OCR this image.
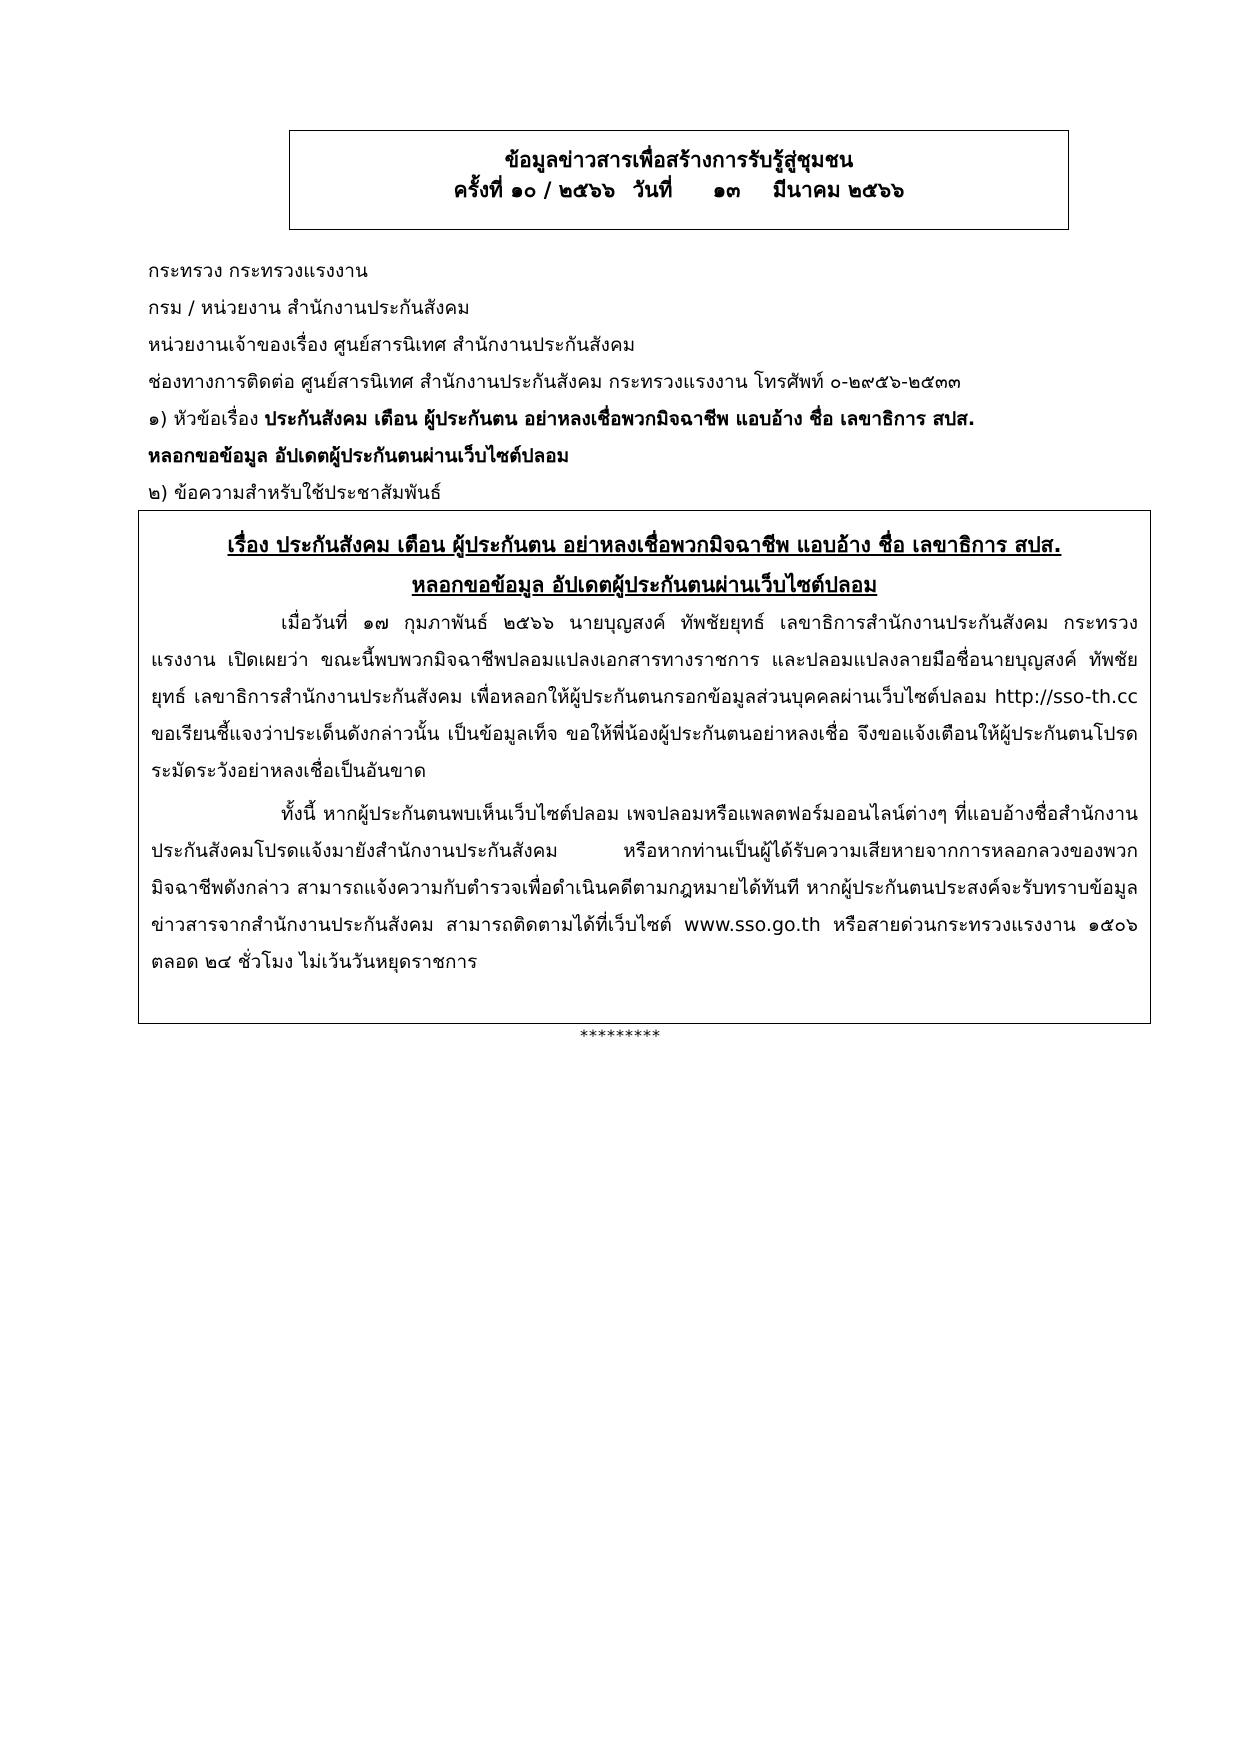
ข้อมูลข่าวสารเพื่อสร้างการรับรู้สู่ชุมชน
ครั้งที่ ๑๐ / ๒๕๖๖ วันที่ ๑๓ มีนาคม ๒๕๖๖
กระทรวง กระทรวงแรงงาน
กรม / หน่วยงาน สำนักงานประกันสังคม
หน่วยงานเจ้าของเรื่อง ศูนย์สารนิเทศ สำนักงานประกันสังคม
ช่องทางการติดต่อ ศูนย์สารนิเทศ สำนักงานประกันสังคม กระทรวงแรงงาน โทรศัพท์ ๐-๒๙๕๖-๒๕๓๓
๑) หัวข้อเรื่อง ประกันสังคม เตือน ผู้ประกันตน อย่าหลงเชื่อพวกมิจฉาชีพ แอบอ้าง ชื่อ เลขาธิการ สปส.
หลอกขอข้อมูล อัปเดตผู้ประกันตนผ่านเว็บไซต์ปลอม
๒) ข้อความสำหรับใช้ประชาสัมพันธ์
เรื่อง ประกันสังคม เตือน ผู้ประกันตน อย่าหลงเชื่อพวกมิจฉาชีพ แอบอ้าง ชื่อ เลขาธิการ สปส.
หลอกขอข้อมูล อัปเดตผู้ประกันตนผ่านเว็บไซต์ปลอม

เมื่อวันที่ ๑๗ กุมภาพันธ์ ๒๕๖๖ นายบุญสงค์ ทัพชัยยุทธ์ เลขาธิการสำนักงานประกันสังคม กระทรวงแรงงาน เปิดเผยว่า ขณะนี้พบพวกมิจฉาชีพปลอมแปลงเอกสารทางราชการ และปลอมแปลงลายมือชื่อนายบุญสงค์ ทัพชัยยุทธ์ เลขาธิการสำนักงานประกันสังคม เพื่อหลอกให้ผู้ประกันตนกรอกข้อมูลส่วนบุคคลผ่านเว็บไซต์ปลอม http://sso-th.cc ขอเรียนชี้แจงว่าประเด็นดังกล่าวนั้น เป็นข้อมูลเท็จ ขอให้พี่น้องผู้ประกันตนอย่าหลงเชื่อ จึงขอแจ้งเตือนให้ผู้ประกันตนโปรดระมัดระวังอย่าหลงเชื่อเป็นอันขาด

ทั้งนี้ หากผู้ประกันตนพบเห็นเว็บไซต์ปลอม เพจปลอมหรือแพลตฟอร์มออนไลน์ต่างๆ ที่แอบอ้างชื่อสำนักงานประกันสังคมโปรดแจ้งมายังสำนักงานประกันสังคม หรือหากท่านเป็นผู้ได้รับความเสียหายจากการหลอกลวงของพวกมิจฉาชีพดังกล่าว สามารถแจ้งความกับตำรวจเพื่อดำเนินคดีตามกฎหมายได้ทันที หากผู้ประกันตนประสงค์จะรับทราบข้อมูลข่าวสารจากสำนักงานประกันสังคม สามารถติดตามได้ที่เว็บไซต์ www.sso.go.th หรือสายด่วนกระทรวงแรงงาน ๑๕๐๖ ตลอด ๒๔ ชั่วโมง ไม่เว้นวันหยุดราชการ

*********
